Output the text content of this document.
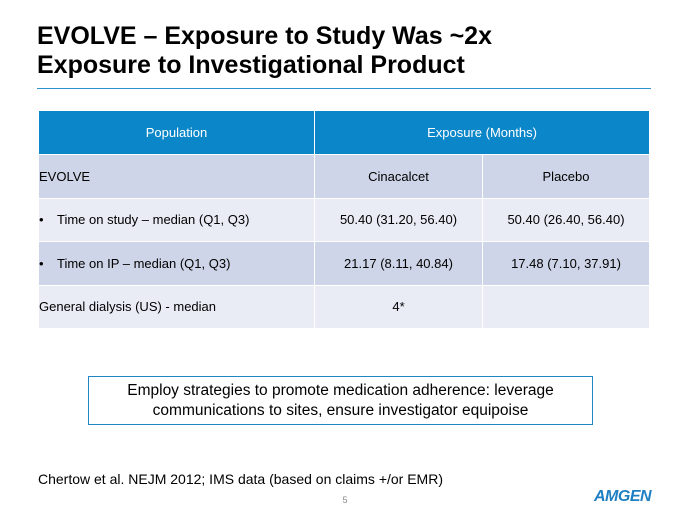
EVOLVE – Exposure to Study Was ~2x
Exposure to Investigational Product
Population	Exposure (Months)	
EVOLVE	Cinacalcet	Placebo
• Time on study – median (Q1, Q3)	50.40 (31.20, 56.40)	50.40 (26.40, 56.40)
• Time on IP – median (Q1, Q3)	21.17 (8.11, 40.84)	17.48 (7.10, 37.91)
General dialysis (US) - median	4*	
Employ strategies to promote medication adherence: leverage
communications to sites, ensure investigator equipoise
Chertow et al. NEJM 2012; IMS data (based on claims +/or EMR)
5	AMGEN
